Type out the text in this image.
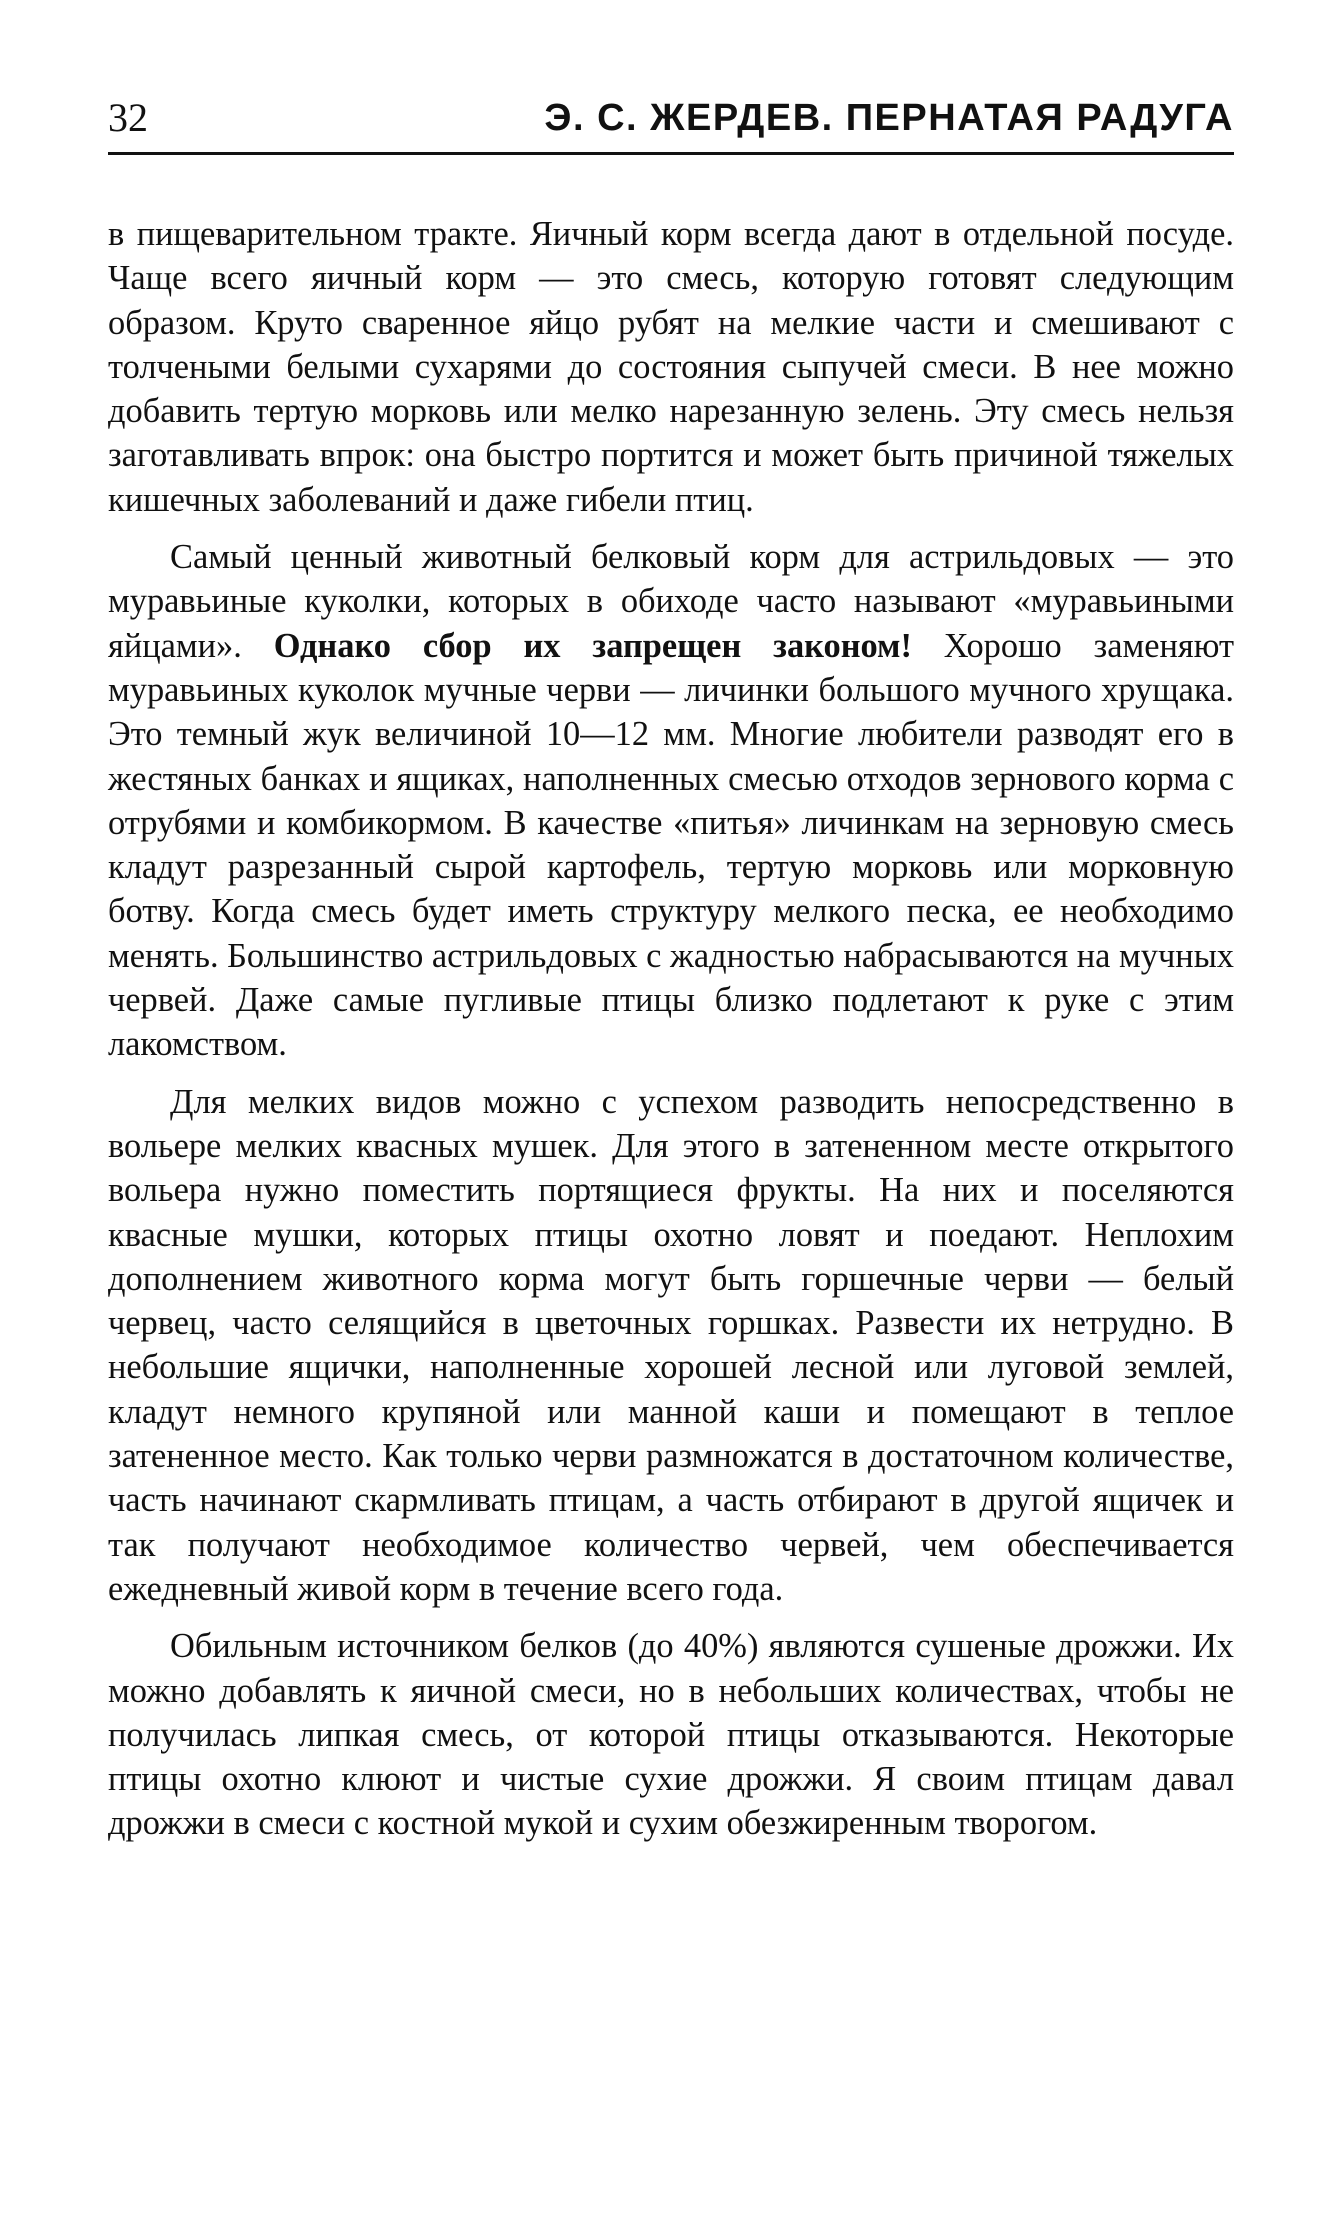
32	Э. С. ЖЕРДЕВ. ПЕРНАТАЯ РАДУГА

в пищеварительном тракте. Яичный корм всегда дают в отдельной посуде. Чаще всего яичный корм — это смесь, которую готовят следующим образом. Круто сваренное яйцо рубят на мелкие части и смешивают с толчеными белыми сухарями до состояния сыпучей смеси. В нее можно добавить тертую морковь или мелко нарезанную зелень. Эту смесь нельзя заготавливать впрок: она быстро портится и может быть причиной тяжелых кишечных заболеваний и даже гибели птиц.

Самый ценный животный белковый корм для астрильдовых — это муравьиные куколки, которых в обиходе часто называют «муравьиными яйцами». Однако сбор их запрещен законом! Хорошо заменяют муравьиных куколок мучные черви — личинки большого мучного хрущака. Это темный жук величиной 10—12 мм. Многие любители разводят его в жестяных банках и ящиках, наполненных смесью отходов зернового корма с отрубями и комбикормом. В качестве «питья» личинкам на зерновую смесь кладут разрезанный сырой картофель, тертую морковь или морковную ботву. Когда смесь будет иметь структуру мелкого песка, ее необходимо менять. Большинство астрильдовых с жадностью набрасываются на мучных червей. Даже самые пугливые птицы близко подлетают к руке с этим лакомством.

Для мелких видов можно с успехом разводить непосредственно в вольере мелких квасных мушек. Для этого в затененном месте открытого вольера нужно поместить портящиеся фрукты. На них и поселяются квасные мушки, которых птицы охотно ловят и поедают. Неплохим дополнением животного корма могут быть горшечные черви — белый червец, часто селящийся в цветочных горшках. Развести их нетрудно. В небольшие ящички, наполненные хорошей лесной или луговой землей, кладут немного крупяной или манной каши и помещают в теплое затененное место. Как только черви размножатся в достаточном количестве, часть начинают скармливать птицам, а часть отбирают в другой ящичек и так получают необходимое количество червей, чем обеспечивается ежедневный живой корм в течение всего года.

Обильным источником белков (до 40%) являются сушеные дрожжи. Их можно добавлять к яичной смеси, но в небольших количествах, чтобы не получилась липкая смесь, от которой птицы отказываются. Некоторые птицы охотно клюют и чистые сухие дрожжи. Я своим птицам давал дрожжи в смеси с костной мукой и сухим обезжиренным творогом.
